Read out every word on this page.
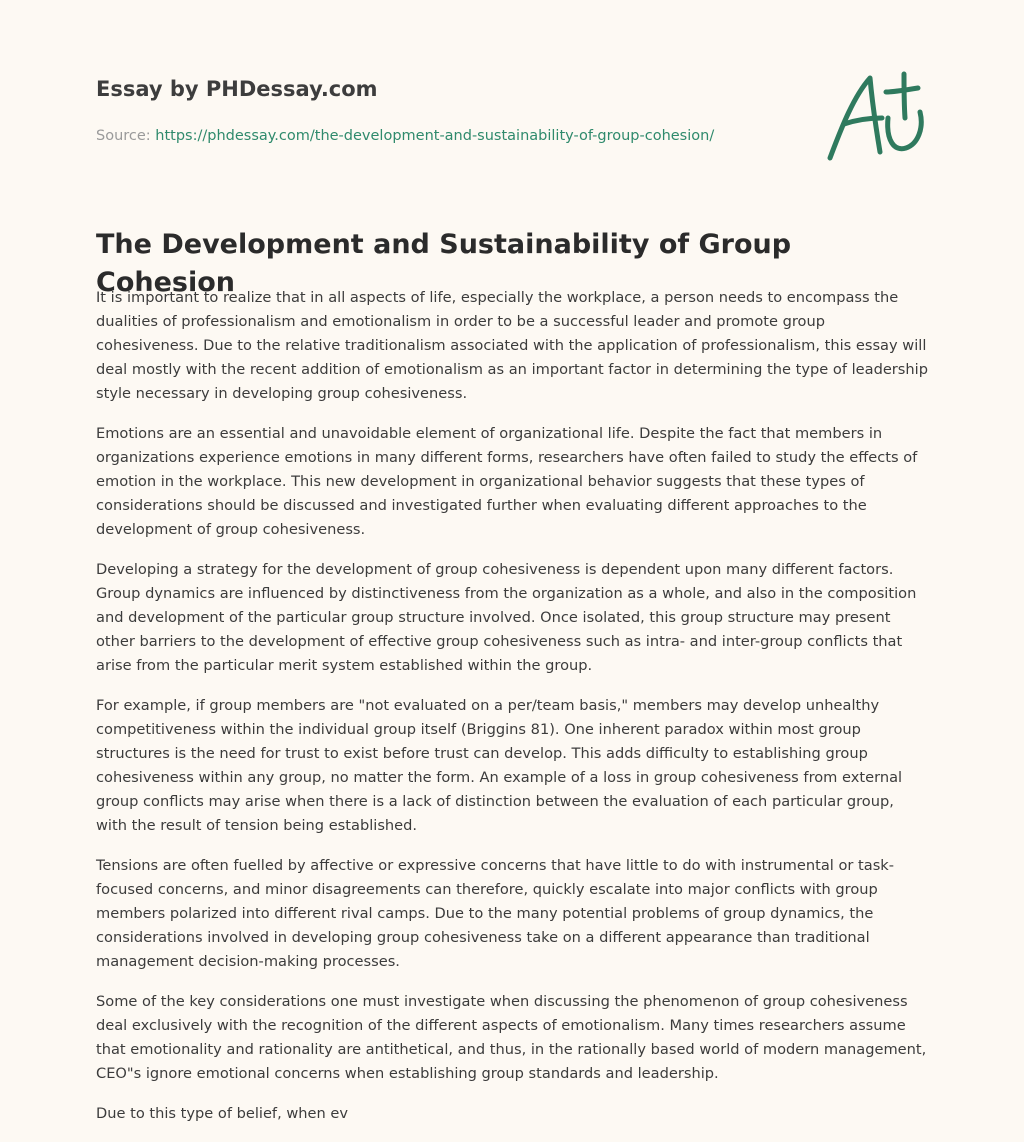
Essay by PHDessay.com
Source: https://phdessay.com/the-development-and-sustainability-of-group-cohesion/
The Development and Sustainability of Group Cohesion

It is important to realize that in all aspects of life, especially the workplace, a person needs to encompass the dualities of professionalism and emotionalism in order to be a successful leader and promote group cohesiveness. Due to the relative traditionalism associated with the application of professionalism, this essay will deal mostly with the recent addition of emotionalism as an important factor in determining the type of leadership style necessary in developing group cohesiveness.

Emotions are an essential and unavoidable element of organizational life. Despite the fact that members in organizations experience emotions in many different forms, researchers have often failed to study the effects of emotion in the workplace. This new development in organizational behavior suggests that these types of considerations should be discussed and investigated further when evaluating different approaches to the development of group cohesiveness.

Developing a strategy for the development of group cohesiveness is dependent upon many different factors. Group dynamics are influenced by distinctiveness from the organization as a whole, and also in the composition and development of the particular group structure involved. Once isolated, this group structure may present other barriers to the development of effective group cohesiveness such as intra- and inter-group conflicts that arise from the particular merit system established within the group.

For example, if group members are "not evaluated on a per/team basis," members may develop unhealthy competitiveness within the individual group itself (Briggins 81). One inherent paradox within most group structures is the need for trust to exist before trust can develop. This adds difficulty to establishing group cohesiveness within any group, no matter the form. An example of a loss in group cohesiveness from external group conflicts may arise when there is a lack of distinction between the evaluation of each particular group, with the result of tension being established.

Tensions are often fuelled by affective or expressive concerns that have little to do with instrumental or task-focused concerns, and minor disagreements can therefore, quickly escalate into major conflicts with group members polarized into different rival camps. Due to the many potential problems of group dynamics, the considerations involved in developing group cohesiveness take on a different appearance than traditional management decision-making processes.

Some of the key considerations one must investigate when discussing the phenomenon of group cohesiveness deal exclusively with the recognition of the different aspects of emotionalism. Many times researchers assume that emotionality and rationality are antithetical, and thus, in the rationally based world of modern management, CEO"s ignore emotional concerns when establishing group standards and leadership.

Due to this type of belief, when ev
